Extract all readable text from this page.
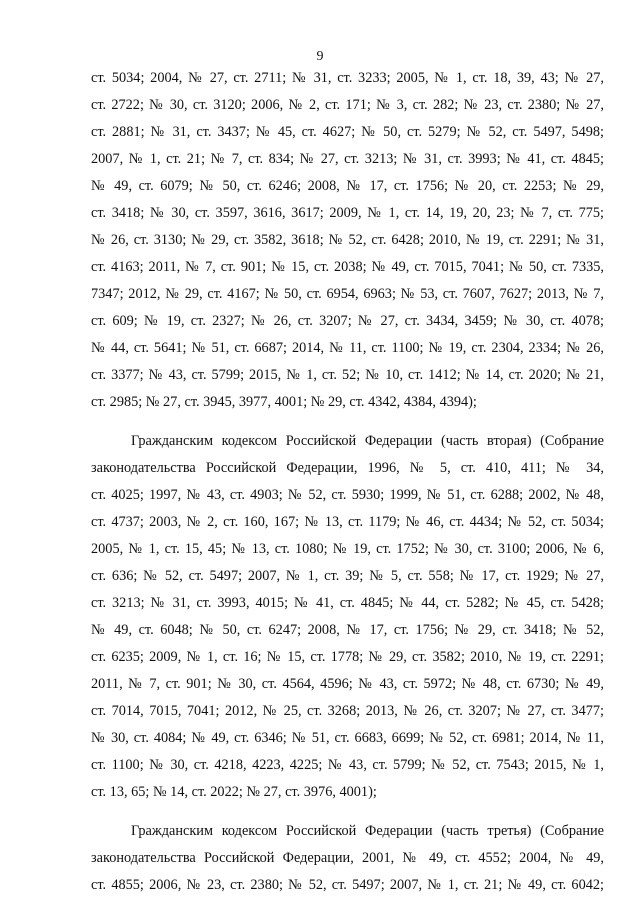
9
ст. 5034; 2004, № 27, ст. 2711; № 31, ст. 3233; 2005, № 1, ст. 18, 39, 43; № 27,
ст. 2722; № 30, ст. 3120; 2006, № 2, ст. 171; № 3, ст. 282; № 23, ст. 2380; № 27,
ст. 2881; № 31, ст. 3437; № 45, ст. 4627; № 50, ст. 5279; № 52, ст. 5497, 5498;
2007, № 1, ст. 21; № 7, ст. 834; № 27, ст. 3213; № 31, ст. 3993; № 41, ст. 4845;
№ 49, ст. 6079; № 50, ст. 6246; 2008, № 17, ст. 1756; № 20, ст. 2253; № 29,
ст. 3418; № 30, ст. 3597, 3616, 3617; 2009, № 1, ст. 14, 19, 20, 23; № 7, ст. 775;
№ 26, ст. 3130; № 29, ст. 3582, 3618; № 52, ст. 6428; 2010, № 19, ст. 2291; № 31,
ст. 4163; 2011, № 7, ст. 901; № 15, ст. 2038; № 49, ст. 7015, 7041; № 50, ст. 7335,
7347; 2012, № 29, ст. 4167; № 50, ст. 6954, 6963; № 53, ст. 7607, 7627; 2013, № 7,
ст. 609; № 19, ст. 2327; № 26, ст. 3207; № 27, ст. 3434, 3459; № 30, ст. 4078;
№ 44, ст. 5641; № 51, ст. 6687; 2014, № 11, ст. 1100; № 19, ст. 2304, 2334; № 26,
ст. 3377; № 43, ст. 5799; 2015, № 1, ст. 52; № 10, ст. 1412; № 14, ст. 2020; № 21,
ст. 2985; № 27, ст. 3945, 3977, 4001; № 29, ст. 4342, 4384, 4394);
Гражданским кодексом Российской Федерации (часть вторая) (Собрание
законодательства Российской Федерации, 1996, № 5, ст. 410, 411; № 34,
ст. 4025; 1997, № 43, ст. 4903; № 52, ст. 5930; 1999, № 51, ст. 6288; 2002, № 48,
ст. 4737; 2003, № 2, ст. 160, 167; № 13, ст. 1179; № 46, ст. 4434; № 52, ст. 5034;
2005, № 1, ст. 15, 45; № 13, ст. 1080; № 19, ст. 1752; № 30, ст. 3100; 2006, № 6,
ст. 636; № 52, ст. 5497; 2007, № 1, ст. 39; № 5, ст. 558; № 17, ст. 1929; № 27,
ст. 3213; № 31, ст. 3993, 4015; № 41, ст. 4845; № 44, ст. 5282; № 45, ст. 5428;
№ 49, ст. 6048; № 50, ст. 6247; 2008, № 17, ст. 1756; № 29, ст. 3418; № 52,
ст. 6235; 2009, № 1, ст. 16; № 15, ст. 1778; № 29, ст. 3582; 2010, № 19, ст. 2291;
2011, № 7, ст. 901; № 30, ст. 4564, 4596; № 43, ст. 5972; № 48, ст. 6730; № 49,
ст. 7014, 7015, 7041; 2012, № 25, ст. 3268; 2013, № 26, ст. 3207; № 27, ст. 3477;
№ 30, ст. 4084; № 49, ст. 6346; № 51, ст. 6683, 6699; № 52, ст. 6981; 2014, № 11,
ст. 1100; № 30, ст. 4218, 4223, 4225; № 43, ст. 5799; № 52, ст. 7543; 2015, № 1,
ст. 13, 65; № 14, ст. 2022; № 27, ст. 3976, 4001);
Гражданским кодексом Российской Федерации (часть третья) (Собрание
законодательства Российской Федерации, 2001, № 49, ст. 4552; 2004, № 49,
ст. 4855; 2006, № 23, ст. 2380; № 52, ст. 5497; 2007, № 1, ст. 21; № 49, ст. 6042;
